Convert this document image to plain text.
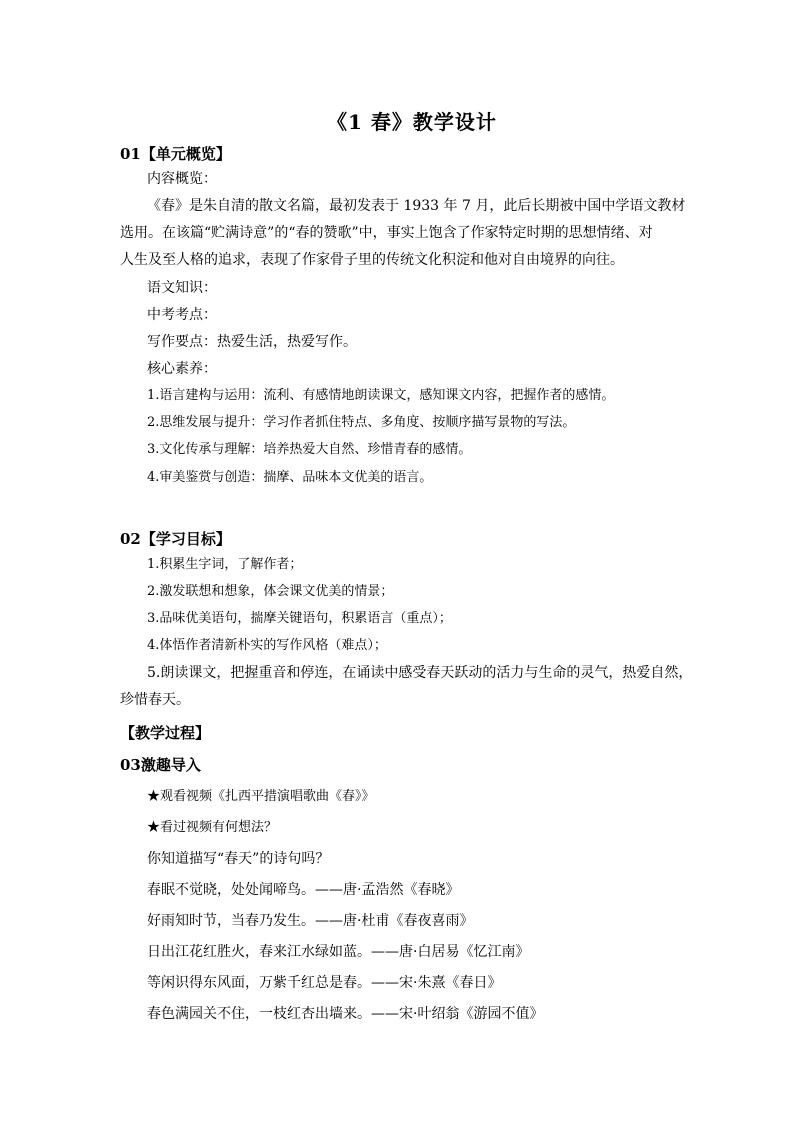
《1 春》教学设计
01【单元概览】
内容概览：
《春》是朱自清的散文名篇，最初发表于 1933 年 7 月，此后长期被中国中学语文教材
选用。在该篇“贮满诗意”的“春的赞歌”中，事实上饱含了作家特定时期的思想情绪、对
人生及至人格的追求，表现了作家骨子里的传统文化积淀和他对自由境界的向往。
语文知识：
中考考点：
写作要点：热爱生活，热爱写作。
核心素养：
1.语言建构与运用：流利、有感情地朗读课文，感知课文内容，把握作者的感情。
2.思维发展与提升：学习作者抓住特点、多角度、按顺序描写景物的写法。
3.文化传承与理解：培养热爱大自然、珍惜青春的感情。
4.审美鉴赏与创造：揣摩、品味本文优美的语言。
02【学习目标】
1.积累生字词，了解作者；
2.激发联想和想象，体会课文优美的情景；
3.品味优美语句，揣摩关键语句，积累语言（重点）；
4.体悟作者清新朴实的写作风格（难点）；
5.朗读课文，把握重音和停连，在诵读中感受春天跃动的活力与生命的灵气，热爱自然，
珍惜春天。
【教学过程】
03激趣导入
★观看视频《扎西平措演唱歌曲《春》》
★看过视频有何想法？
你知道描写“春天”的诗句吗？
春眠不觉晓，处处闻啼鸟。——唐·孟浩然《春晓》
好雨知时节，当春乃发生。——唐·杜甫《春夜喜雨》
日出江花红胜火，春来江水绿如蓝。——唐·白居易《忆江南》
等闲识得东风面，万紫千红总是春。——宋·朱熹《春日》
春色满园关不住，一枝红杏出墙来。——宋·叶绍翁《游园不值》
